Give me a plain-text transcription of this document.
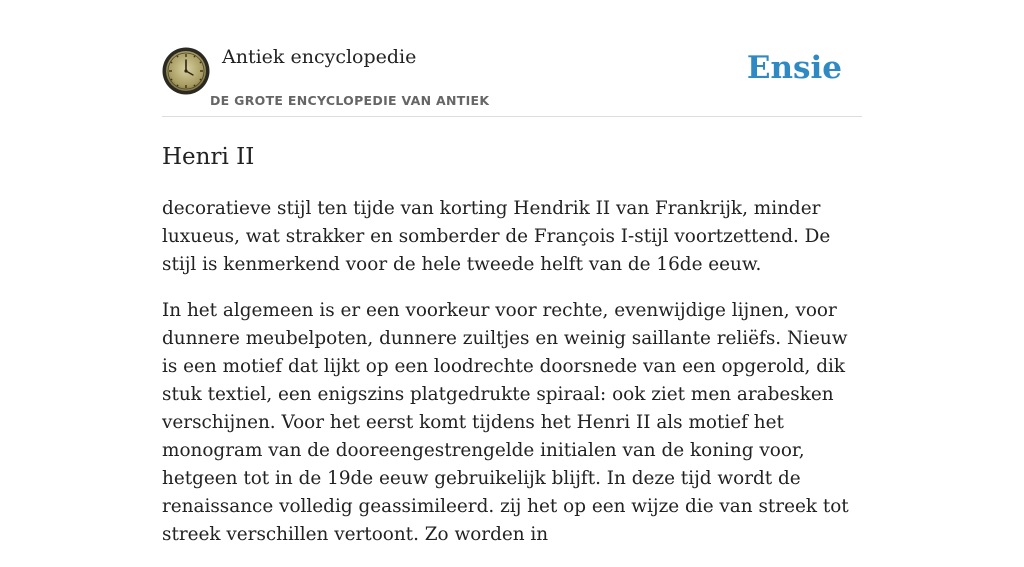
Antiek encyclopedie
DE GROTE ENCYCLOPEDIE VAN ANTIEK
Ensie
Henri II

decoratieve stijl ten tijde van korting Hendrik II van Frankrijk, minder luxueus, wat strakker en somberder de François I-stijl voortzettend. De stijl is kenmerkend voor de hele tweede helft van de 16de eeuw.

In het algemeen is er een voorkeur voor rechte, evenwijdige lijnen, voor dunnere meubelpoten, dunnere zuiltjes en weinig saillante reliëfs. Nieuw is een motief dat lijkt op een loodrechte doorsnede van een opgerold, dik stuk textiel, een enigszins platgedrukte spiraal: ook ziet men arabesken verschijnen. Voor het eerst komt tijdens het Henri II als motief het monogram van de dooreengestrengelde initialen van de koning voor, hetgeen tot in de 19de eeuw gebruikelijk blijft. In deze tijd wordt de renaissance volledig geassimileerd. zij het op een wijze die van streek tot streek verschillen vertoont. Zo worden in
